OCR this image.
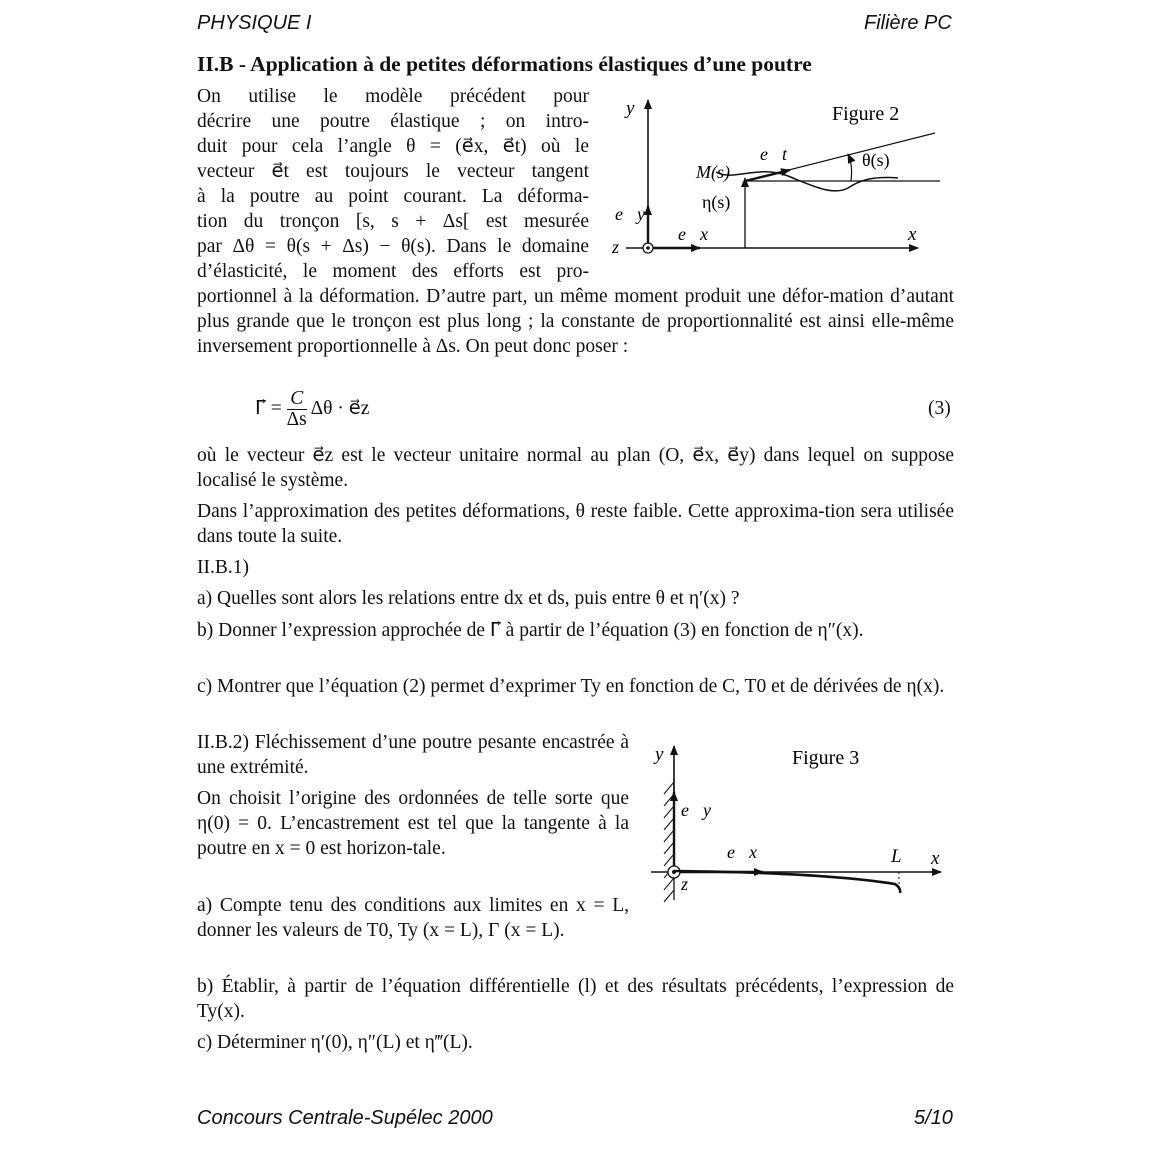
PHYSIQUE I	Filière PC
II.B - Application à de petites déformations élastiques d’une poutre
On utilise le modèle précédent pour
décrire une poutre élastique ; on intro-
duit pour cela l’angle θ = (e⃗x, e⃗t) où le
vecteur e⃗t est toujours le vecteur tangent
à la poutre au point courant. La déforma-
tion du tronçon [s, s + Δs[ est mesurée
par Δθ = θ(s + Δs) − θ(s). Dans le domaine
d’élasticité, le moment des efforts est pro-
portionnel à la déformation. D’autre part, un même moment produit une défor-mation d’autant plus grande que le tronçon est plus long ; la constante de proportionnalité est ainsi elle-même inversement proportionnelle à Δs. On peut donc poser :
y
x
z
e⃗y
e⃗x
e⃗t
M(s)
η(s)
θ(s)
Figure 2
Γ⃗ = $\frac{C}{\Delta s}$ Δθ · e⃗z	(3)
où le vecteur e⃗z est le vecteur unitaire normal au plan (O, e⃗x, e⃗y) dans lequel on suppose localisé le système.
Dans l’approximation des petites déformations, θ reste faible. Cette approxima-tion sera utilisée dans toute la suite.
II.B.1)
a) Quelles sont alors les relations entre dx et ds, puis entre θ et η′(x) ?
b) Donner l’expression approchée de Γ⃗ à partir de l’équation (3) en fonction de η″(x).
c) Montrer que l’équation (2) permet d’exprimer Ty en fonction de C, T0 et de dérivées de η(x).
II.B.2) Fléchissement d’une poutre pesante encastrée à une extrémité.
On choisit l’origine des ordonnées de telle sorte que η(0) = 0. L’encastrement est tel que la tangente à la poutre en x = 0 est horizon-tale.
a) Compte tenu des conditions aux limites en x = L, donner les valeurs de T0, Ty (x = L), Γ (x = L).
b) Établir, à partir de l’équation différentielle (l) et des résultats précédents, l’expression de Ty(x).
c) Déterminer η′(0), η″(L) et η‴(L).
y
x
z
e⃗y
e⃗x	L
Figure 3
Concours Centrale-Supélec 2000	5/10
